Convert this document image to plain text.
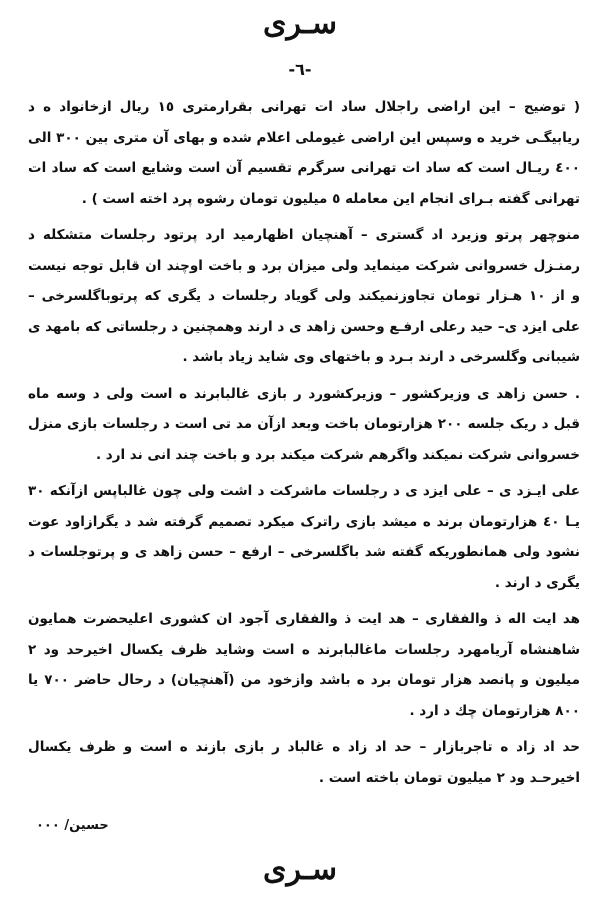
سـری
-٦-

( توضیح – این اراضی راجلال ساد ات تهرانی بقرارمتری ١٥ ریال ازخانواد ه د ریابیگـی خرید ه وسپس این اراضی غیوملی اعلام شده و بهای آن متری بین ٣٠٠ الی ٤٠٠ ریـال است که ساد ات تهرانی سرگرم تقسیم آن است وشایع است که ساد ات تهرانی گفته بـرای انجام این معامله ٥ میلیون تومان رشوه پرد اخته است ) .

منوچهر پرتو وزیرد اد گستری – آهنچیان اظهارمید ارد پرتود رجلسات متشکله د رمنـزل خسروانی شرکت مینماید ولی میزان برد و باخت اوچند ان قابل توجه نیست و از ١٠ هـزار تومان تجاوزنمیکند ولی گویاد رجلسات د یگری که پرتوباگلسرخی –علی ایزد ی– حید رعلی ارفـع وحسن زاهد ی د ارند وهمچنین د رجلساتی که بامهد ی شیبانی وگلسرخی د ارند بـرد و باختهای وی شاید زیاد باشد .

. حسن زاهد ی وزیرکشور – وزیرکشورد ر بازی غالبابرند ه است ولی د وسه ماه قبل د ریک جلسه ٢٠٠ هزارتومان باخت وبعد ازآن مد تی است د رجلسات بازی منزل خسروانی شرکت نمیکند واگرهم شرکت میکند برد و باخت چند انی ند ارد .

علی ایـزد ی – علی ایزد ی د رجلسات ماشرکت د اشت ولی چون غالباپس ازآنکه ٣٠ یـا ٤٠ هزارتومان برند ه میشد بازی راترک میکرد تصمیم گرفته شد د یگرازاود عوت نشود ولی همانطوریکه گفته شد باگلسرخی – ارفع – حسن زاهد ی و پرتوجلسات د یگری د ارند .

هد ایت اله ذ والفقاری – هد ایت ذ والفقاری آجود ان کشوری اعلیحضرت همایون شاهنشاه آریامهرد رجلسات ماغالبابرند ه است وشاید ظرف یکسال اخیرحد ود ٢ میلیون و پانصد هزار تومان برد ه باشد وازخود من (آهنچیان) د رحال حاضر ٧٠٠ یا ٨٠٠ هزارتومان چك د ارد .

حد اد زاد ه تاجربازار – حد اد زاد ه غالباد ر بازی بازند ه است و ظرف یکسال اخیرحـد ود ٢ میلیون تومان باخته است .

حسین/ ٠٠٠
سـری
